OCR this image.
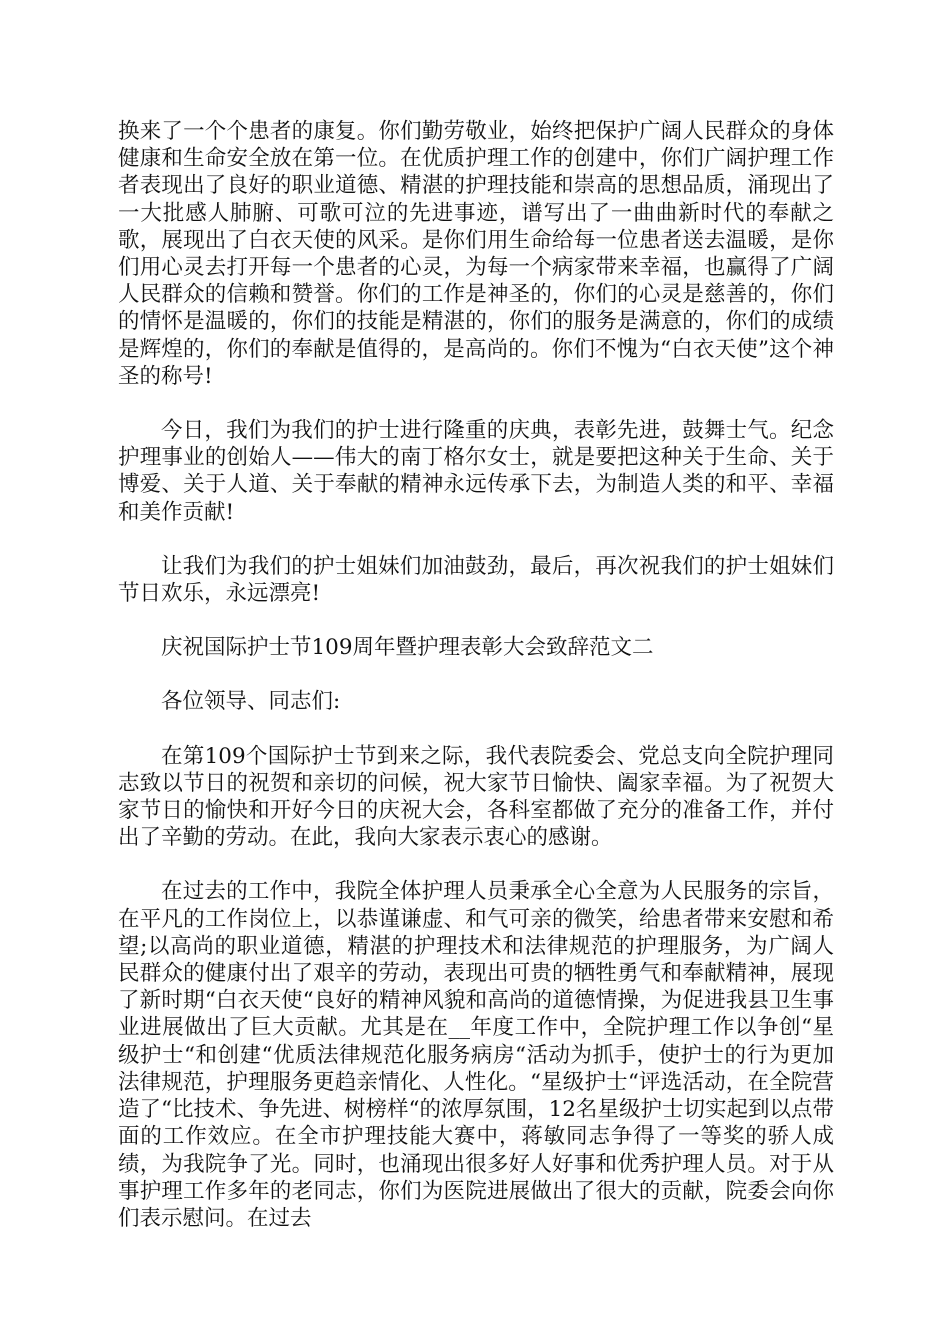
换来了一个个患者的康复。你们勤劳敬业，始终把保护广阔人民群众的身体健康和生命安全放在第一位。在优质护理工作的创建中，你们广阔护理工作者表现出了良好的职业道德、精湛的护理技能和崇高的思想品质，涌现出了一大批感人肺腑、可歌可泣的先进事迹，谱写出了一曲曲新时代的奉献之歌，展现出了白衣天使的风采。是你们用生命给每一位患者送去温暖，是你们用心灵去打开每一个患者的心灵，为每一个病家带来幸福，也赢得了广阔人民群众的信赖和赞誉。你们的工作是神圣的，你们的心灵是慈善的，你们的情怀是温暖的，你们的技能是精湛的，你们的服务是满意的，你们的成绩是辉煌的，你们的奉献是值得的，是高尚的。你们不愧为“白衣天使”这个神圣的称号!

今日，我们为我们的护士进行隆重的庆典，表彰先进，鼓舞士气。纪念护理事业的创始人——伟大的南丁格尔女士，就是要把这种关于生命、关于博爱、关于人道、关于奉献的精神永远传承下去，为制造人类的和平、幸福和美作贡献!

让我们为我们的护士姐妹们加油鼓劲，最后，再次祝我们的护士姐妹们节日欢乐，永远漂亮!

庆祝国际护士节109周年暨护理表彰大会致辞范文二

各位领导、同志们:

在第109个国际护士节到来之际，我代表院委会、党总支向全院护理同志致以节日的祝贺和亲切的问候，祝大家节日愉快、阖家幸福。为了祝贺大家节日的愉快和开好今日的庆祝大会，各科室都做了充分的准备工作，并付出了辛勤的劳动。在此，我向大家表示衷心的感谢。

在过去的工作中，我院全体护理人员秉承全心全意为人民服务的宗旨，在平凡的工作岗位上，以恭谨谦虚、和气可亲的微笑，给患者带来安慰和希望;以高尚的职业道德，精湛的护理技术和法律规范的护理服务，为广阔人民群众的健康付出了艰辛的劳动，表现出可贵的牺牲勇气和奉献精神，展现了新时期“白衣天使“良好的精神风貌和高尚的道德情操，为促进我县卫生事业进展做出了巨大贡献。尤其是在__年度工作中，全院护理工作以争创“星级护士“和创建“优质法律规范化服务病房“活动为抓手，使护士的行为更加法律规范，护理服务更趋亲情化、人性化。“星级护士“评选活动，在全院营造了“比技术、争先进、树榜样“的浓厚氛围，12名星级护士切实起到以点带面的工作效应。在全市护理技能大赛中，蒋敏同志争得了一等奖的骄人成绩，为我院争了光。同时，也涌现出很多好人好事和优秀护理人员。对于从事护理工作多年的老同志，你们为医院进展做出了很大的贡献，院委会向你们表示慰问。在过去
